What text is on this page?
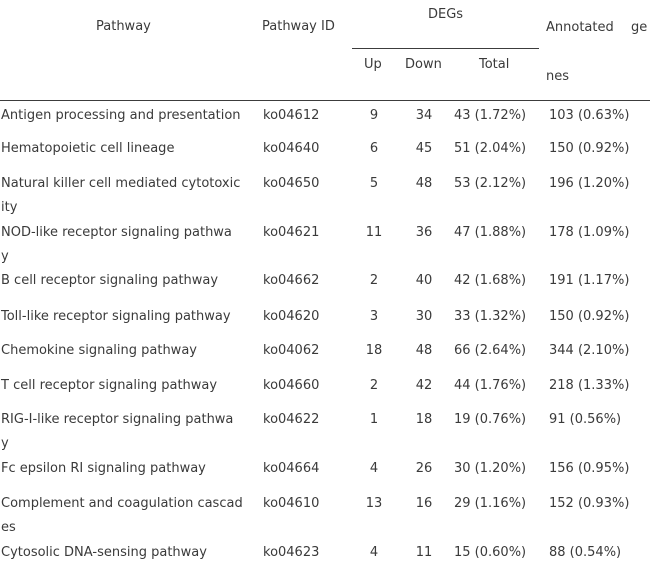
Pathway	Pathway ID
DEGs
Up Down	Total
Annotated ge
nes
Antigen processing and presentation ko04612	9	34	43 (1.72%) 103 (0.63%)
Hematopoietic cell lineage	ko04640	6	45	51 (2.04%) 150 (0.92%)
Natural killer cell mediated cytotoxic
ity
ko04650	5	48	53 (2.12%) 196 (1.20%)
NOD-like receptor signaling pathwa
y
ko04621	11	36	47 (1.88%) 178 (1.09%)
B cell receptor signaling pathway	ko04662	2	40	42 (1.68%) 191 (1.17%)
Toll-like receptor signaling pathway ko04620	3	30	33 (1.32%) 150 (0.92%)
Chemokine signaling pathway	ko04062	18	48	66 (2.64%) 344 (2.10%)
T cell receptor signaling pathway	ko04660	2	42	44 (1.76%) 218 (1.33%)
RIG-I-like receptor signaling pathwa
y
ko04622	1	18	19 (0.76%) 91 (0.56%)
Fc epsilon RI signaling pathway	ko04664	4	26	30 (1.20%) 156 (0.95%)
Complement and coagulation cascad
es
ko04610	13	16	29 (1.16%) 152 (0.93%)
Cytosolic DNA-sensing pathway	ko04623	4	11	15 (0.60%) 88 (0.54%)
